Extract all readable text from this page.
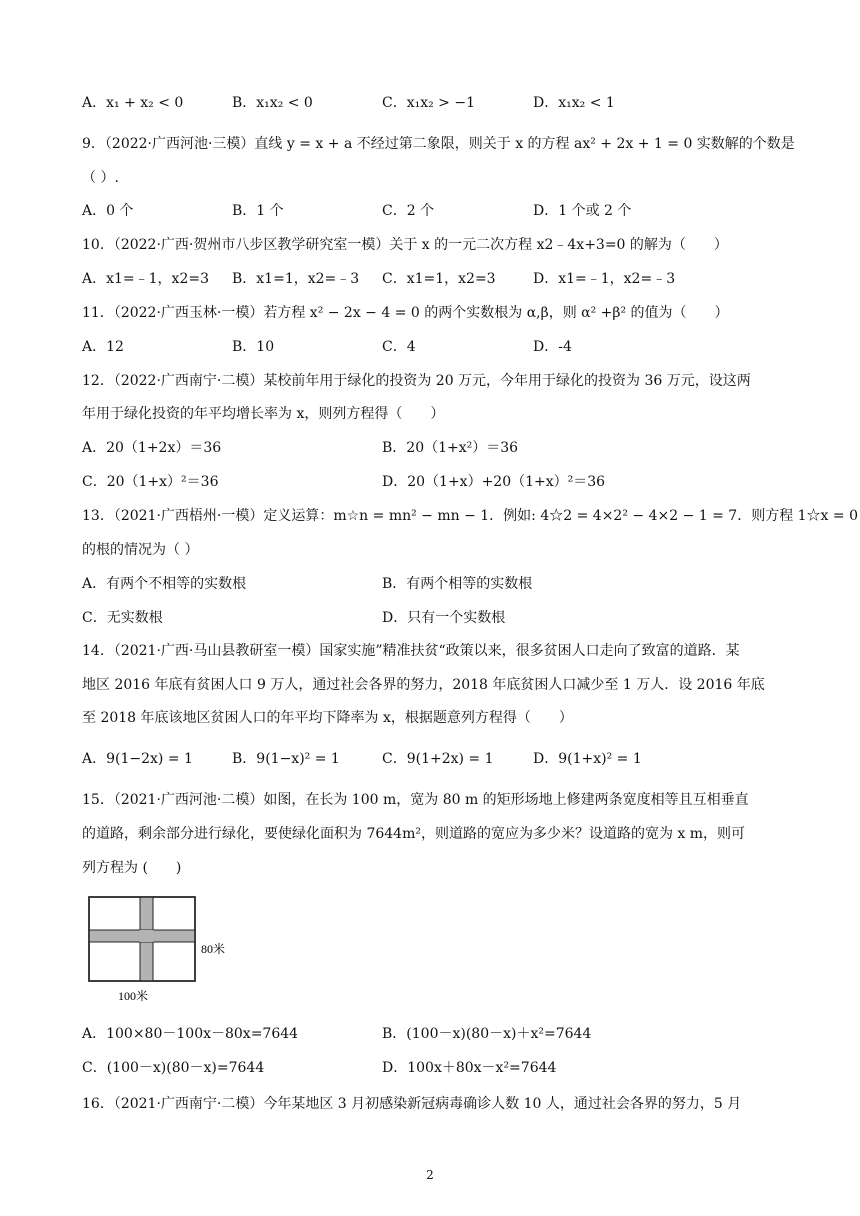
A．x₁ + x₂ < 0	B．x₁x₂ < 0	C．x₁x₂ > −1	D．x₁x₂ < 1
9．（2022·广西河池·三模）直线 y = x + a 不经过第二象限，则关于 x 的方程 ax² + 2x + 1 = 0 实数解的个数是
（ ）.
A．0 个	B．1 个	C．2 个	D．1 个或 2 个
10．（2022·广西·贺州市八步区教学研究室一模）关于 x 的一元二次方程 x2﹣4x+3=0 的解为（　　）
A．x1=﹣1，x2=3 B．x1=1，x2=﹣3 C．x1=1，x2=3	D．x1=﹣1，x2=﹣3
11．（2022·广西玉林·一模）若方程 x² − 2x − 4 = 0 的两个实数根为 α,β，则 α² +β² 的值为（　　）
A．12	B．10	C．4	D．-4
12．（2022·广西南宁·二模）某校前年用于绿化的投资为 20 万元，今年用于绿化的投资为 36 万元，设这两
年用于绿化投资的年平均增长率为 x，则列方程得（　　）
A．20（1+2x）＝36	B．20（1+x²）＝36
C．20（1+x）²＝36	D．20（1+x）+20（1+x）²＝36
13．（2021·广西梧州·一模）定义运算：m☆n = mn² − mn − 1．例如: 4☆2 = 4×2² − 4×2 − 1 = 7．则方程 1☆x = 0
的根的情况为（ ）
A．有两个不相等的实数根	B．有两个相等的实数根
C．无实数根	D．只有一个实数根
14．（2021·广西·马山县教研室一模）国家实施”精准扶贫“政策以来，很多贫困人口走向了致富的道路．某
地区 2016 年底有贫困人口 9 万人，通过社会各界的努力，2018 年底贫困人口减少至 1 万人．设 2016 年底
至 2018 年底该地区贫困人口的年平均下降率为 x，根据题意列方程得（　　）
A．9(1−2x) = 1	B．9(1−x)² = 1	C．9(1+2x) = 1	D．9(1+x)² = 1
15．（2021·广西河池·二模）如图，在长为 100 m，宽为 80 m 的矩形场地上修建两条宽度相等且互相垂直
的道路，剩余部分进行绿化，要使绿化面积为 7644m²，则道路的宽应为多少米？设道路的宽为 x m，则可
列方程为 (　　)
80米
100米
A．100×80－100x－80x=7644	B．(100－x)(80－x)＋x²=7644
C．(100－x)(80－x)=7644	D．100x＋80x－x²=7644
16．（2021·广西南宁·二模）今年某地区 3 月初感染新冠病毒确诊人数 10 人，通过社会各界的努力，5 月
2
